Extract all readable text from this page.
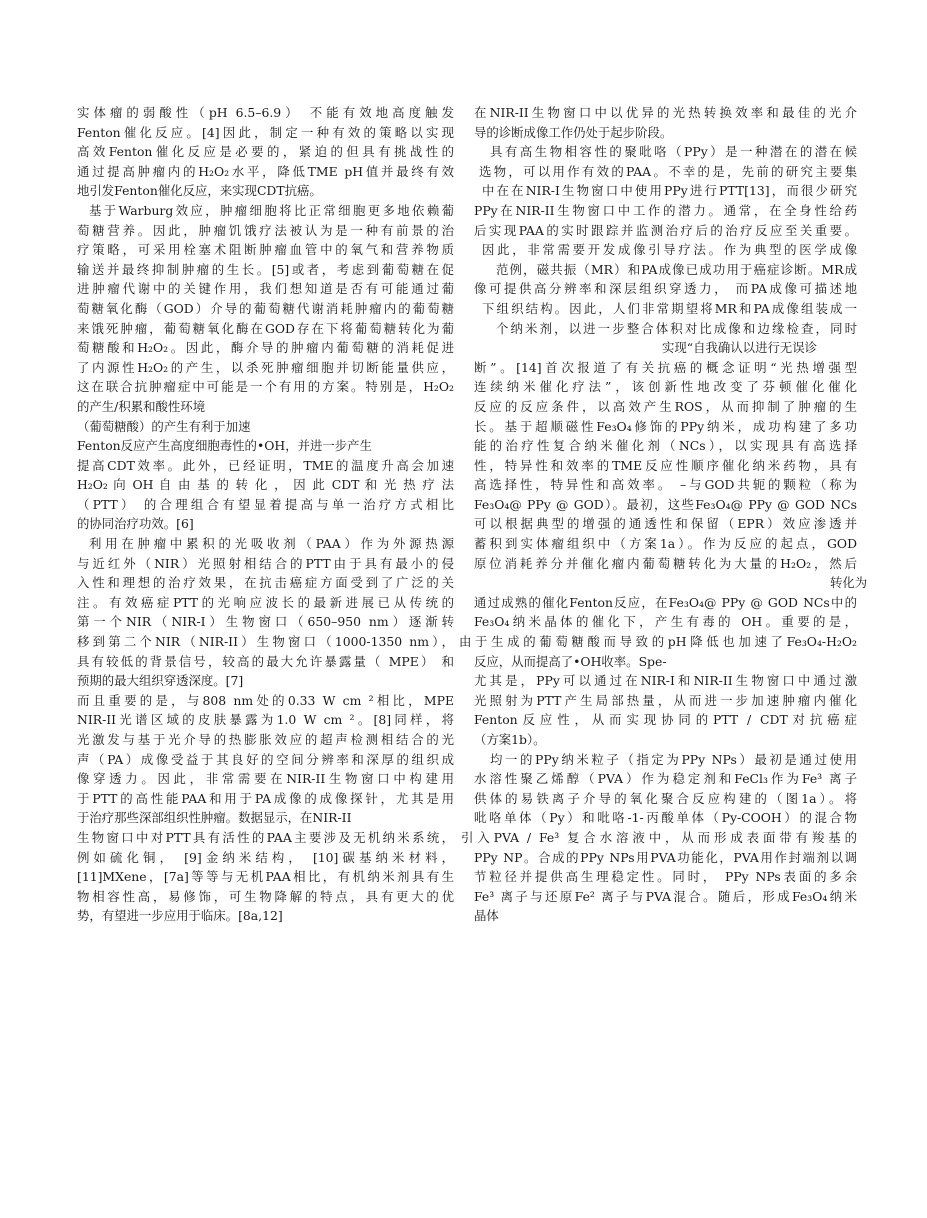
实体瘤的弱酸性（pH 6.5–6.9） 不能有效地高度触发
Fenton催化反应。[4]因此，制定一种有效的策略以实现
高效Fenton催化反应是必要的，紧迫的但具有挑战性的
通过提高肿瘤内的H₂O₂水平，降低TME pH值并最终有效
地引发Fenton催化反应，来实现CDT抗癌。
基于Warburg效应，肿瘤细胞将比正常细胞更多地依赖葡
萄糖营养。因此，肿瘤饥饿疗法被认为是一种有前景的治
疗策略，可采用栓塞术阻断肿瘤血管中的氧气和营养物质
输送并最终抑制肿瘤的生长。[5]或者，考虑到葡萄糖在促
进肿瘤代谢中的关键作用，我们想知道是否有可能通过葡
萄糖氧化酶（GOD）介导的葡萄糖代谢消耗肿瘤内的葡萄糖
来饿死肿瘤，葡萄糖氧化酶在GOD存在下将葡萄糖转化为葡
萄糖酸和H₂O₂。因此，酶介导的肿瘤内葡萄糖的消耗促进
了内源性H₂O₂的产生，以杀死肿瘤细胞并切断能量供应，
这在联合抗肿瘤症中可能是一个有用的方案。特别是，H₂O₂
的产生/积累和酸性环境
（葡萄糖酸）的产生有利于加速
Fenton反应产生高度细胞毒性的•OH，并进一步产生
提高CDT效率。此外，已经证明，TME的温度升高会加速
H₂O₂ 向 OH 自 由 基 的 转 化 ， 因 此 CDT 和 光 热 疗 法
（PTT） 的合理组合有望显着提高与单一治疗方式相比
的协同治疗功效。[6]
利用在肿瘤中累积的光吸收剂（PAA）作为外源热源
与近红外（NIR）光照射相结合的PTT由于具有最小的侵
入性和理想的治疗效果，在抗击癌症方面受到了广泛的关
注。有效癌症PTT的光响应波长的最新进展已从传统的
第一个NIR（NIR-I）生物窗口（650–950 nm）逐渐转
移到第二个NIR（NIR-II）生物窗口（1000-1350 nm），
具有较低的背景信号，较高的最大允许暴露量（ MPE） 和
预期的最大组织穿透深度。[7]
而且重要的是，与808 nm处的0.33 W cm ²相比，MPE
NIR-II光谱区域的皮肤暴露为1.0 W cm ²。[8]同样，将
光激发与基于光介导的热膨胀效应的超声检测相结合的光
声（PA）成像受益于其良好的空间分辨率和深厚的组织成
像穿透力。因此，非常需要在NIR-II生物窗口中构建用
于PTT的高性能PAA和用于PA成像的成像探针，尤其是用
于治疗那些深部组织性肿瘤。数据显示，在NIR-II
生物窗口中对PTT具有活性的PAA主要涉及无机纳米系统，
例如硫化铜， [9]金纳米结构， [10]碳基纳米材料，
[11]MXene，[7a]等等与无机PAA相比，有机纳米剂具有生
物相容性高，易修饰，可生物降解的特点，具有更大的优
势，有望进一步应用于临床。[8a,12]
在NIR-II生物窗口中以优异的光热转换效率和最佳的光介
导的诊断成像工作仍处于起步阶段。
具有高生物相容性的聚吡咯（PPy）是一种潜在的潜在候
选物，可以用作有效的PAA。不幸的是，先前的研究主要集
中在在NIR-I生物窗口中使用PPy进行PTT[13]，而很少研究
PPy在NIR-II生物窗口中工作的潜力。通常，在全身性给药
后实现PAA的实时跟踪并监测治疗后的治疗反应至关重要。
因此，非常需要开发成像引导疗法。作为典型的医学成像
范例，磁共振（MR）和PA成像已成功用于癌症诊断。MR成
像可提供高分辨率和深层组织穿透力， 而PA成像可描述地
下组织结构。因此，人们非常期望将MR和PA成像组装成一
个纳米剂，以进一步整合体积对比成像和边缘检查，同时
实现“自我确认以进行无误诊
断”。[14]首次报道了有关抗癌的概念证明“光热增强型
连续纳米催化疗法”，该创新性地改变了芬顿催化催化
反应的反应条件，以高效产生ROS，从而抑制了肿瘤的生
长。基于超顺磁性Fe₃O₄修饰的PPy纳米，成功构建了多功
能的治疗性复合纳米催化剂（NCs），以实现具有高选择
性，特异性和效率的TME反应性顺序催化纳米药物，具有
高选择性，特异性和高效率。 –与GOD共轭的颗粒（称为
Fe₃O₄@ PPy @ GOD）。最初，这些Fe₃O₄@ PPy @ GOD NCs
可以根据典型的增强的通透性和保留（EPR）效应渗透并
蓄积到实体瘤组织中（方案1a）。作为反应的起点，GOD
原位消耗养分并催化瘤内葡萄糖转化为大量的H₂O₂，然后
转化为
通过成熟的催化Fenton反应，在Fe₃O₄@ PPy @ GOD NCs中的
Fe₃O₄纳米晶体的催化下，产生有毒的 OH。重要的是，
由于生成的葡萄糖酸而导致的pH降低也加速了Fe₃O₄-H₂O₂
反应，从而提高了•OH收率。Spe-
尤其是，PPy可以通过在NIR-I和NIR-II生物窗口中通过激
光照射为PTT产生局部热量，从而进一步加速肿瘤内催化
Fenton反应性，从而实现协同的PTT / CDT对抗癌症
（方案1b）。
均一的PPy纳米粒子（指定为PPy NPs）最初是通过使用
水溶性聚乙烯醇（PVA）作为稳定剂和FeCl₃作为Fe³ 离子
供体的易铁离子介导的氧化聚合反应构建的（图1a）。将
吡咯单体（Py）和吡咯-1-丙酸单体（Py-COOH）的混合物
引入PVA / Fe³ 复合水溶液中，从而形成表面带有羧基的
PPy NP。合成的PPy NPs用PVA功能化，PVA用作封端剂以调
节粒径并提供高生理稳定性。同时， PPy NPs表面的多余
Fe³ 离子与还原Fe² 离子与PVA混合。随后，形成Fe₃O₄纳米
晶体
